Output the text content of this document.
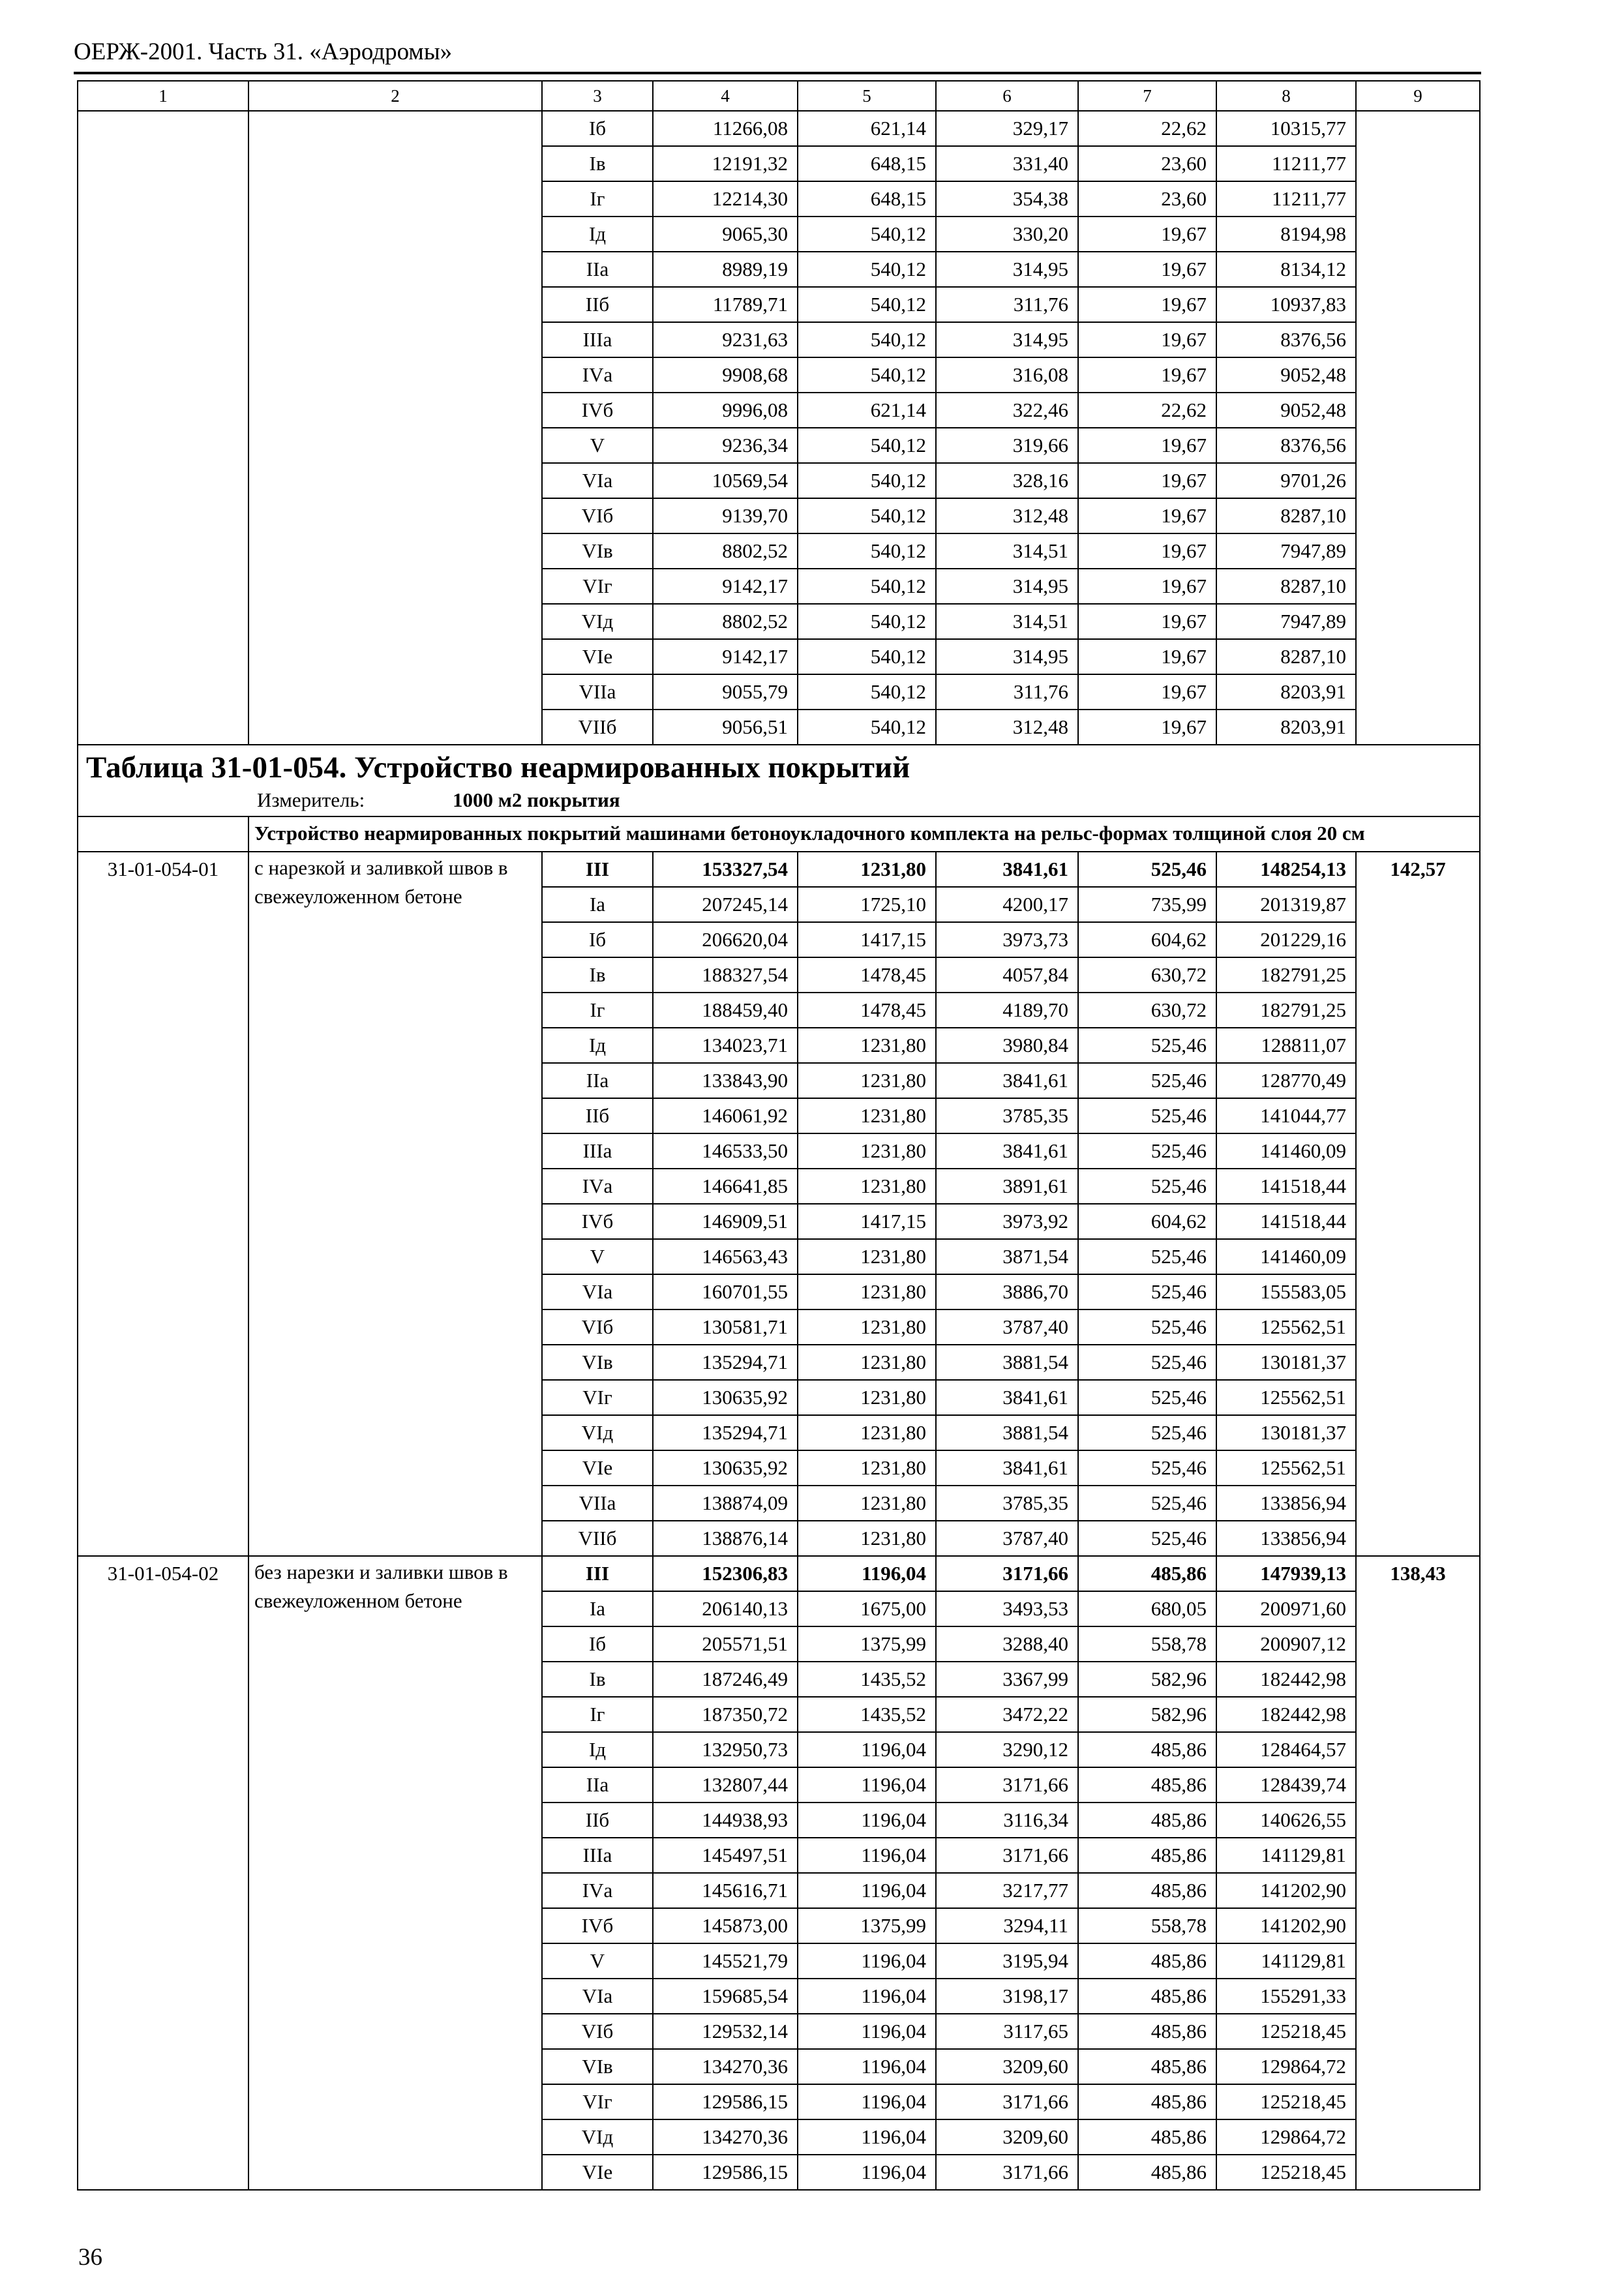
ОЕРЖ-2001. Часть 31. «Аэродромы»
1	2	3	4	5	6	7	8	9
		Iб	11266,08	621,14	329,17	22,62	10315,77	
		Iв	12191,32	648,15	331,40	23,60	11211,77	
		Iг	12214,30	648,15	354,38	23,60	11211,77	
		Iд	9065,30	540,12	330,20	19,67	8194,98	
		IIа	8989,19	540,12	314,95	19,67	8134,12	
		IIб	11789,71	540,12	311,76	19,67	10937,83	
		IIIа	9231,63	540,12	314,95	19,67	8376,56	
		IVа	9908,68	540,12	316,08	19,67	9052,48	
		IVб	9996,08	621,14	322,46	22,62	9052,48	
		V	9236,34	540,12	319,66	19,67	8376,56	
		VIа	10569,54	540,12	328,16	19,67	9701,26	
		VIб	9139,70	540,12	312,48	19,67	8287,10	
		VIв	8802,52	540,12	314,51	19,67	7947,89	
		VIг	9142,17	540,12	314,95	19,67	8287,10	
		VIд	8802,52	540,12	314,51	19,67	7947,89	
		VIе	9142,17	540,12	314,95	19,67	8287,10	
		VIIа	9055,79	540,12	311,76	19,67	8203,91	
		VIIб	9056,51	540,12	312,48	19,67	8203,91	

Таблица 31-01-054. Устройство неармированных покрытий
Измеритель: 1000 м2 покрытия								

	Устройство неармированных покрытий машинами бетоноукладочного комплекта на рельс-формах толщиной слоя 20 см							
31-01-054-01	с нарезкой и заливкой швов в свежеуложенном бетоне	III	153327,54	1231,80	3841,61	525,46	148254,13	142,57
		Iа	207245,14	1725,10	4200,17	735,99	201319,87	
		Iб	206620,04	1417,15	3973,73	604,62	201229,16	
		Iв	188327,54	1478,45	4057,84	630,72	182791,25	
		Iг	188459,40	1478,45	4189,70	630,72	182791,25	
		Iд	134023,71	1231,80	3980,84	525,46	128811,07	
		IIа	133843,90	1231,80	3841,61	525,46	128770,49	
		IIб	146061,92	1231,80	3785,35	525,46	141044,77	
		IIIа	146533,50	1231,80	3841,61	525,46	141460,09	
		IVа	146641,85	1231,80	3891,61	525,46	141518,44	
		IVб	146909,51	1417,15	3973,92	604,62	141518,44	
		V	146563,43	1231,80	3871,54	525,46	141460,09	
		VIа	160701,55	1231,80	3886,70	525,46	155583,05	
		VIб	130581,71	1231,80	3787,40	525,46	125562,51	
		VIв	135294,71	1231,80	3881,54	525,46	130181,37	
		VIг	130635,92	1231,80	3841,61	525,46	125562,51	
		VIд	135294,71	1231,80	3881,54	525,46	130181,37	
		VIе	130635,92	1231,80	3841,61	525,46	125562,51	
		VIIа	138874,09	1231,80	3785,35	525,46	133856,94	
		VIIб	138876,14	1231,80	3787,40	525,46	133856,94	
31-01-054-02	без нарезки и заливки швов в свежеуложенном бетоне	III	152306,83	1196,04	3171,66	485,86	147939,13	138,43
		Iа	206140,13	1675,00	3493,53	680,05	200971,60	
		Iб	205571,51	1375,99	3288,40	558,78	200907,12	
		Iв	187246,49	1435,52	3367,99	582,96	182442,98	
		Iг	187350,72	1435,52	3472,22	582,96	182442,98	
		Iд	132950,73	1196,04	3290,12	485,86	128464,57	
		IIа	132807,44	1196,04	3171,66	485,86	128439,74	
		IIб	144938,93	1196,04	3116,34	485,86	140626,55	
		IIIа	145497,51	1196,04	3171,66	485,86	141129,81	
		IVа	145616,71	1196,04	3217,77	485,86	141202,90	
		IVб	145873,00	1375,99	3294,11	558,78	141202,90	
		V	145521,79	1196,04	3195,94	485,86	141129,81	
		VIа	159685,54	1196,04	3198,17	485,86	155291,33	
		VIб	129532,14	1196,04	3117,65	485,86	125218,45	
		VIв	134270,36	1196,04	3209,60	485,86	129864,72	
		VIг	129586,15	1196,04	3171,66	485,86	125218,45	
		VIд	134270,36	1196,04	3209,60	485,86	129864,72	
		VIе	129586,15	1196,04	3171,66	485,86	125218,45	
36
